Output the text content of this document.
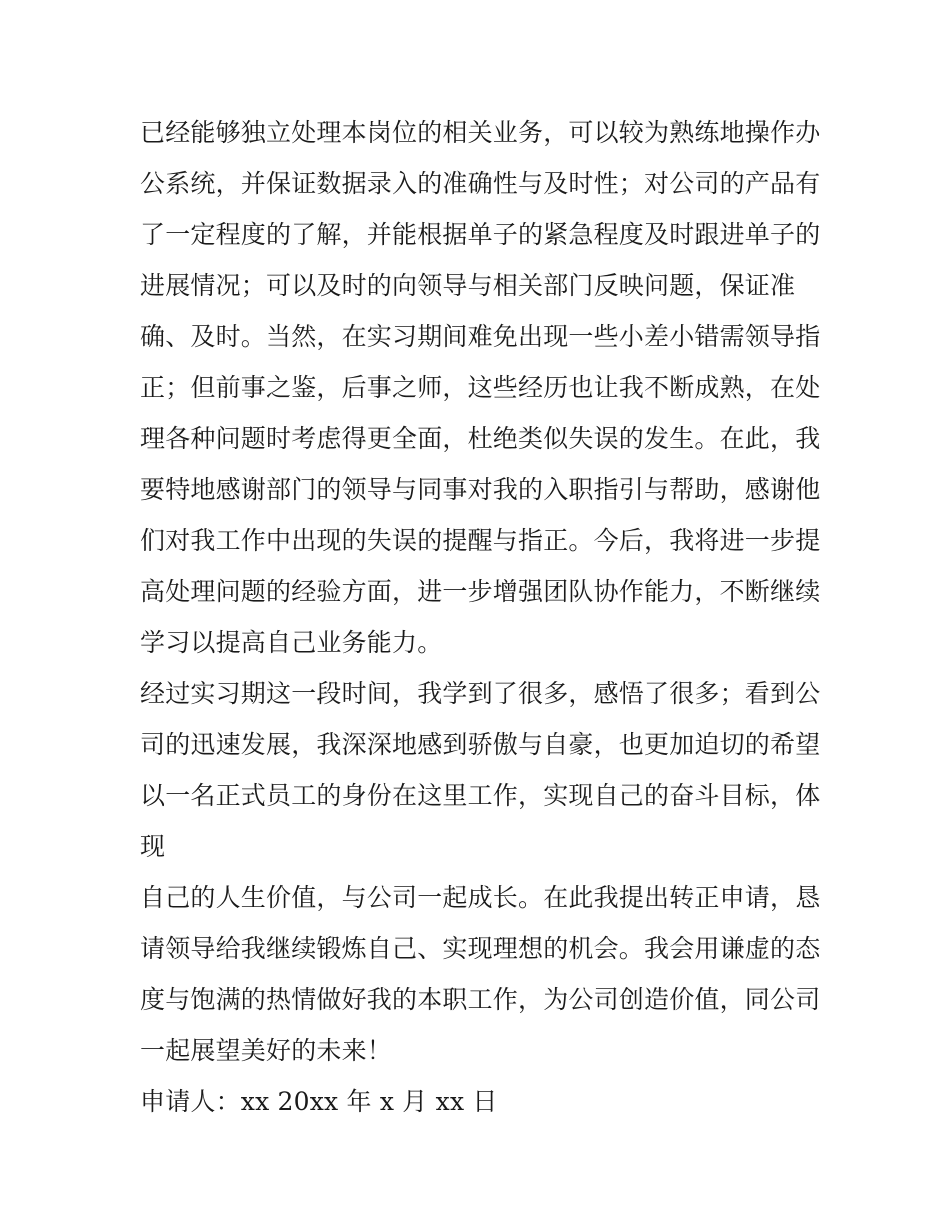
已经能够独立处理本岗位的相关业务，可以较为熟练地操作办
公系统，并保证数据录入的准确性与及时性；对公司的产品有
了一定程度的了解，并能根据单子的紧急程度及时跟进单子的
进展情况；可以及时的向领导与相关部门反映问题，保证准
确、及时。当然，在实习期间难免出现一些小差小错需领导指
正；但前事之鉴，后事之师，这些经历也让我不断成熟，在处
理各种问题时考虑得更全面，杜绝类似失误的发生。在此，我
要特地感谢部门的领导与同事对我的入职指引与帮助，感谢他
们对我工作中出现的失误的提醒与指正。今后，我将进一步提
高处理问题的经验方面，进一步增强团队协作能力，不断继续
学习以提高自己业务能力。
经过实习期这一段时间，我学到了很多，感悟了很多；看到公
司的迅速发展，我深深地感到骄傲与自豪，也更加迫切的希望
以一名正式员工的身份在这里工作，实现自己的奋斗目标，体
现
自己的人生价值，与公司一起成长。在此我提出转正申请，恳
请领导给我继续锻炼自己、实现理想的机会。我会用谦虚的态
度与饱满的热情做好我的本职工作，为公司创造价值，同公司
一起展望美好的未来！
申请人：xx 20xx 年 x 月 xx 日
